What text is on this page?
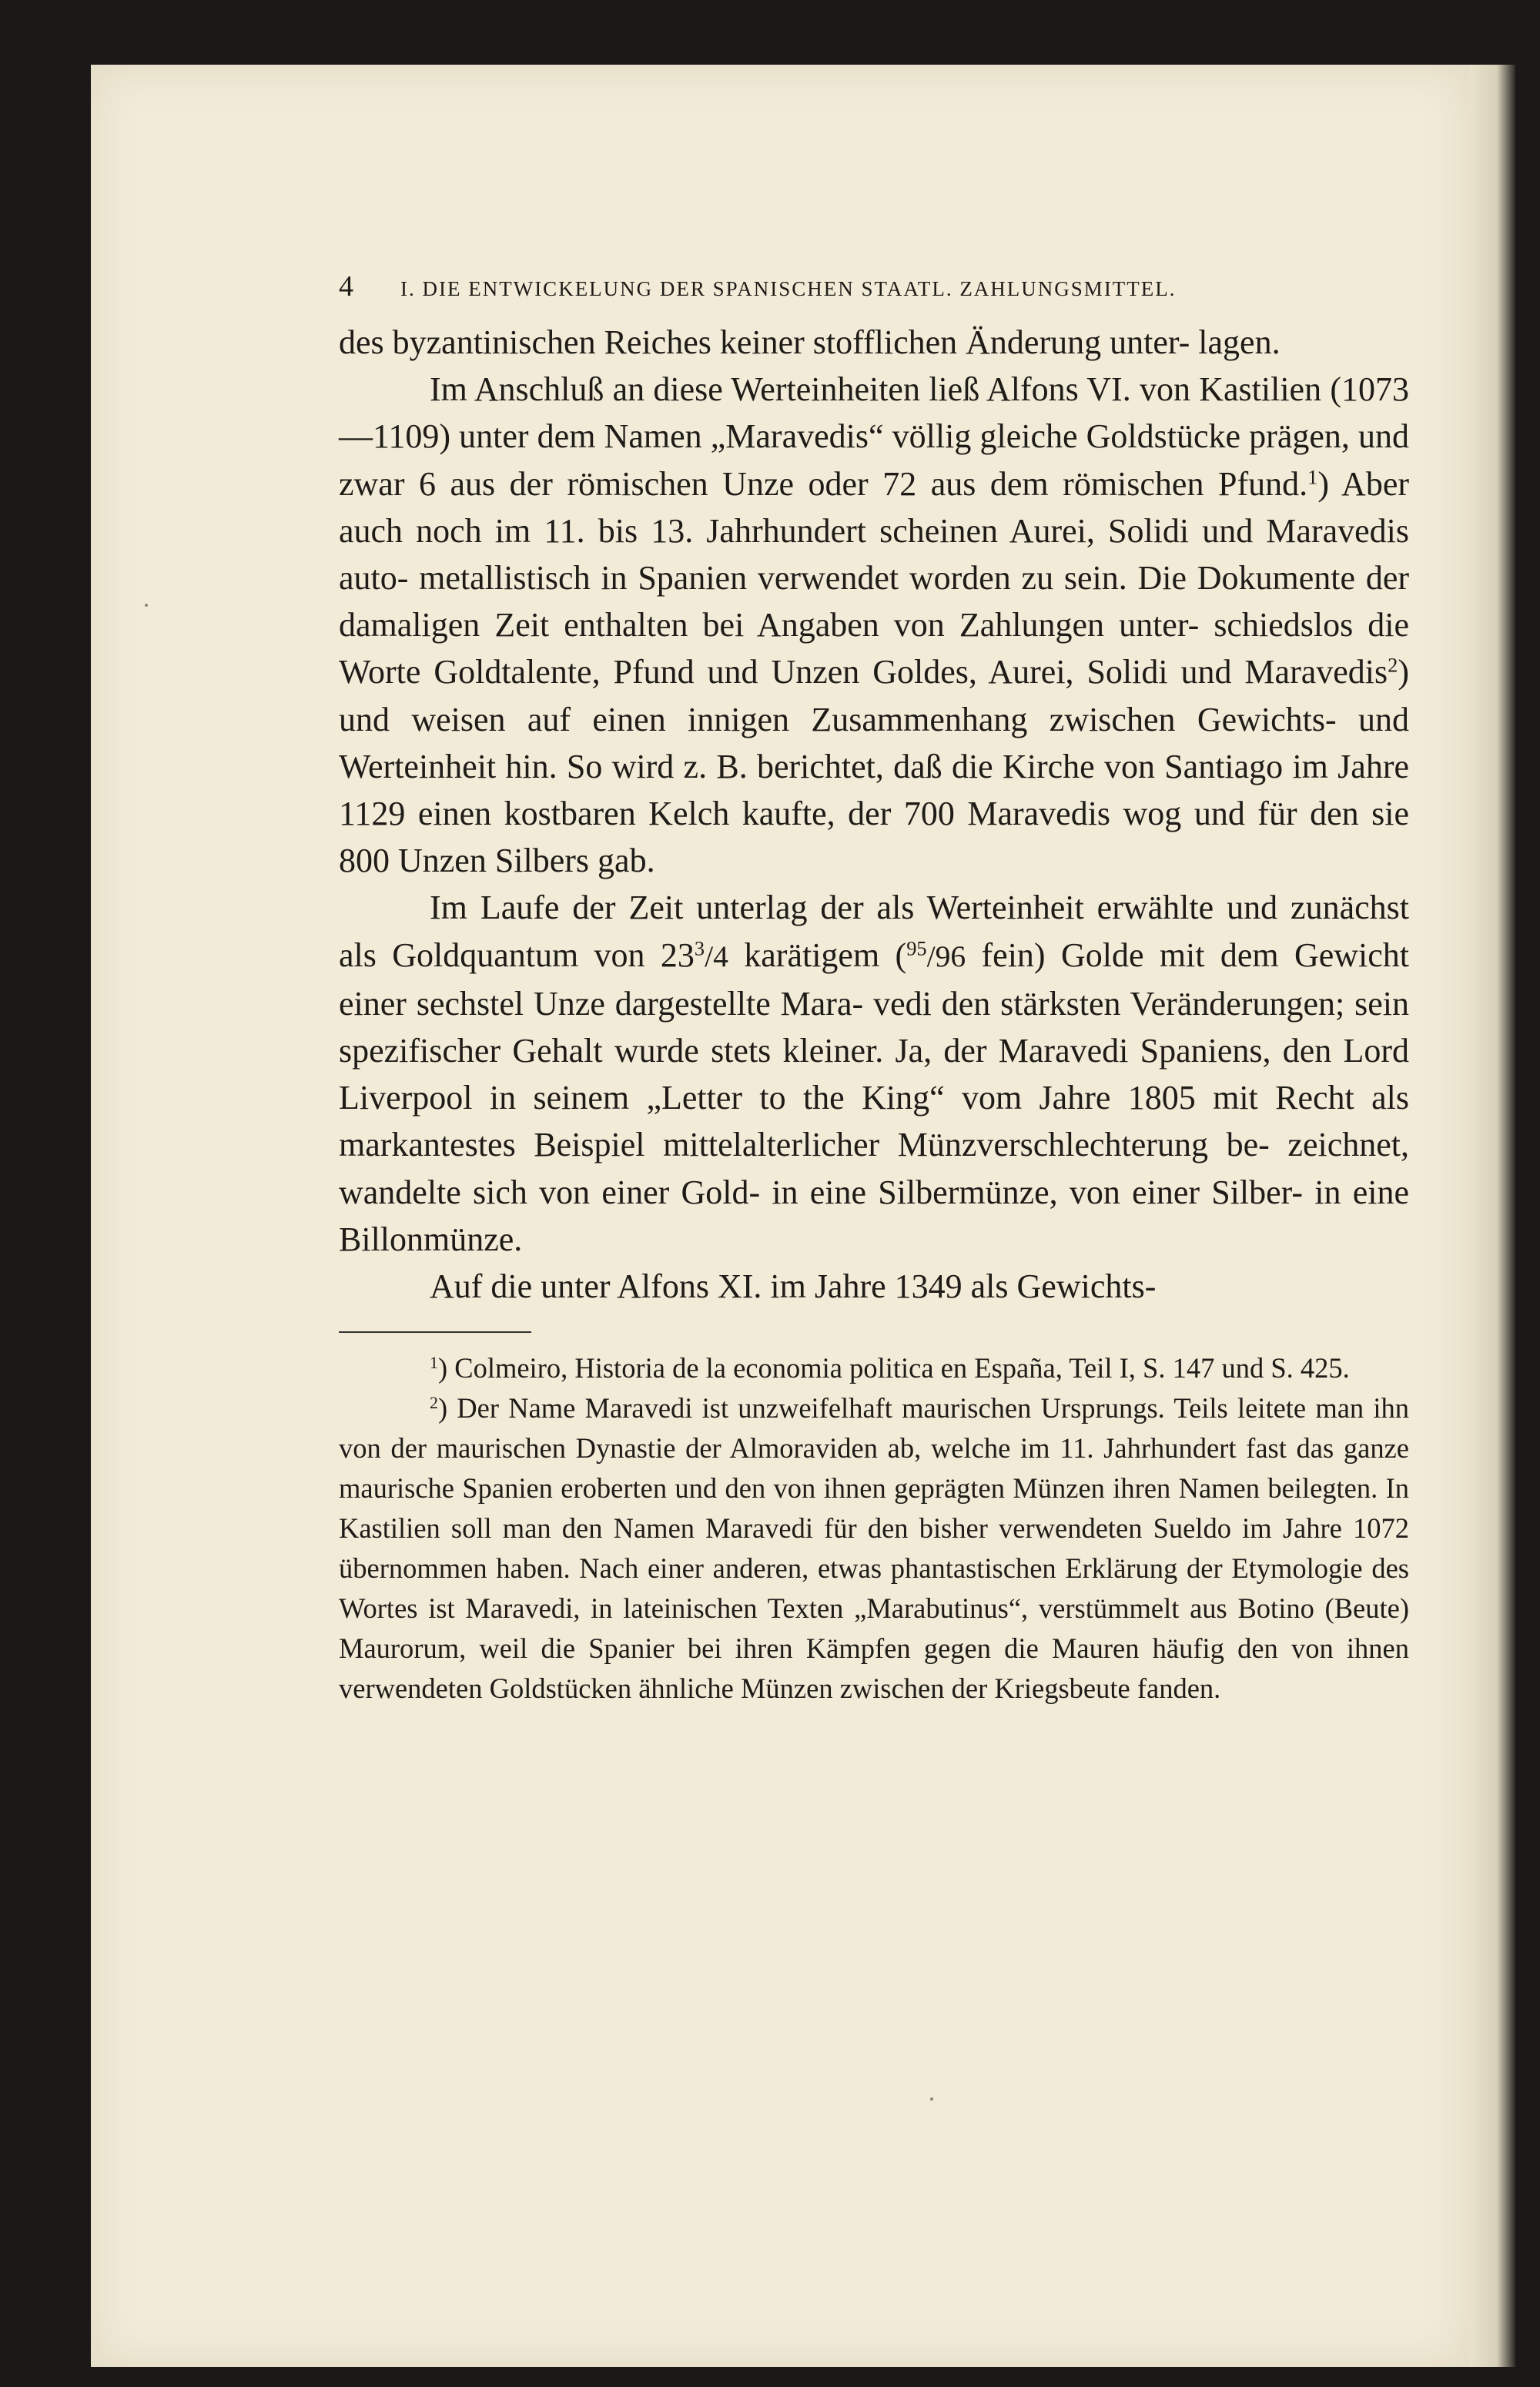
4	I. DIE ENTWICKELUNG DER SPANISCHEN STAATL. ZAHLUNGSMITTEL.

des byzantinischen Reiches keiner stofflichen Änderung unter- lagen.

Im Anschluß an diese Werteinheiten ließ Alfons VI. von Kastilien (1073—1109) unter dem Namen „Maravedis“ völlig gleiche Goldstücke prägen, und zwar 6 aus der römischen Unze oder 72 aus dem römischen Pfund.$^1$) Aber auch noch im 11. bis 13. Jahrhundert scheinen Aurei, Solidi und Maravedis auto- metallistisch in Spanien verwendet worden zu sein. Die Dokumente der damaligen Zeit enthalten bei Angaben von Zahlungen unter- schiedslos die Worte Goldtalente, Pfund und Unzen Goldes, Aurei, Solidi und Maravedis$^2$) und weisen auf einen innigen Zusammenhang zwischen Gewichts- und Werteinheit hin. So wird z. B. berichtet, daß die Kirche von Santiago im Jahre 1129 einen kostbaren Kelch kaufte, der 700 Maravedis wog und für den sie 800 Unzen Silbers gab.

Im Laufe der Zeit unterlag der als Werteinheit erwählte und zunächst als Goldquantum von $23^3/4$ karätigem ($^{95}$/96 fein) Golde mit dem Gewicht einer sechstel Unze dargestellte Mara- vedi den stärksten Veränderungen; sein spezifischer Gehalt wurde stets kleiner. Ja, der Maravedi Spaniens, den Lord Liverpool in seinem „Letter to the King“ vom Jahre 1805 mit Recht als markantestes Beispiel mittelalterlicher Münzverschlechterung be- zeichnet, wandelte sich von einer Gold- in eine Silbermünze, von einer Silber- in eine Billonmünze.

Auf die unter Alfons XI. im Jahre 1349 als Gewichts-

$^1$) Colmeiro, Historia de la economia politica en España, Teil I, S. 147 und S. 425.

$^2$) Der Name Maravedi ist unzweifelhaft maurischen Ursprungs. Teils leitete man ihn von der maurischen Dynastie der Almoraviden ab, welche im 11. Jahrhundert fast das ganze maurische Spanien eroberten und den von ihnen geprägten Münzen ihren Namen beilegten. In Kastilien soll man den Namen Maravedi für den bisher verwendeten Sueldo im Jahre 1072 übernommen haben. Nach einer anderen, etwas phantastischen Erklärung der Etymologie des Wortes ist Maravedi, in lateinischen Texten „Marabutinus“, verstümmelt aus Botino (Beute) Maurorum, weil die Spanier bei ihren Kämpfen gegen die Mauren häufig den von ihnen verwendeten Goldstücken ähnliche Münzen zwischen der Kriegsbeute fanden.
